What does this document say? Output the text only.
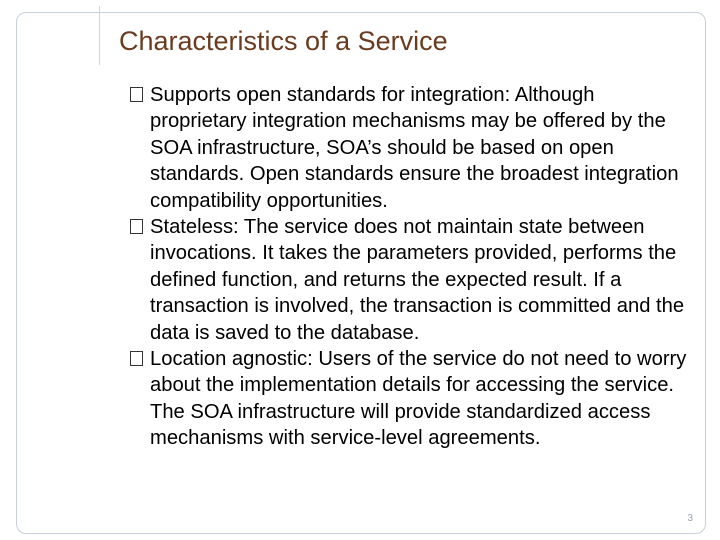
Characteristics of a Service
Supports open standards for integration: Although proprietary integration mechanisms may be offered by the SOA infrastructure, SOA’s should be based on open standards. Open standards ensure the broadest integration compatibility opportunities.
Stateless: The service does not maintain state between invocations. It takes the parameters provided, performs the defined function, and returns the expected result. If a transaction is involved, the transaction is committed and the data is saved to the database.
Location agnostic: Users of the service do not need to worry about the implementation details for accessing the service. The SOA infrastructure will provide standardized access mechanisms with service-level agreements.
3
